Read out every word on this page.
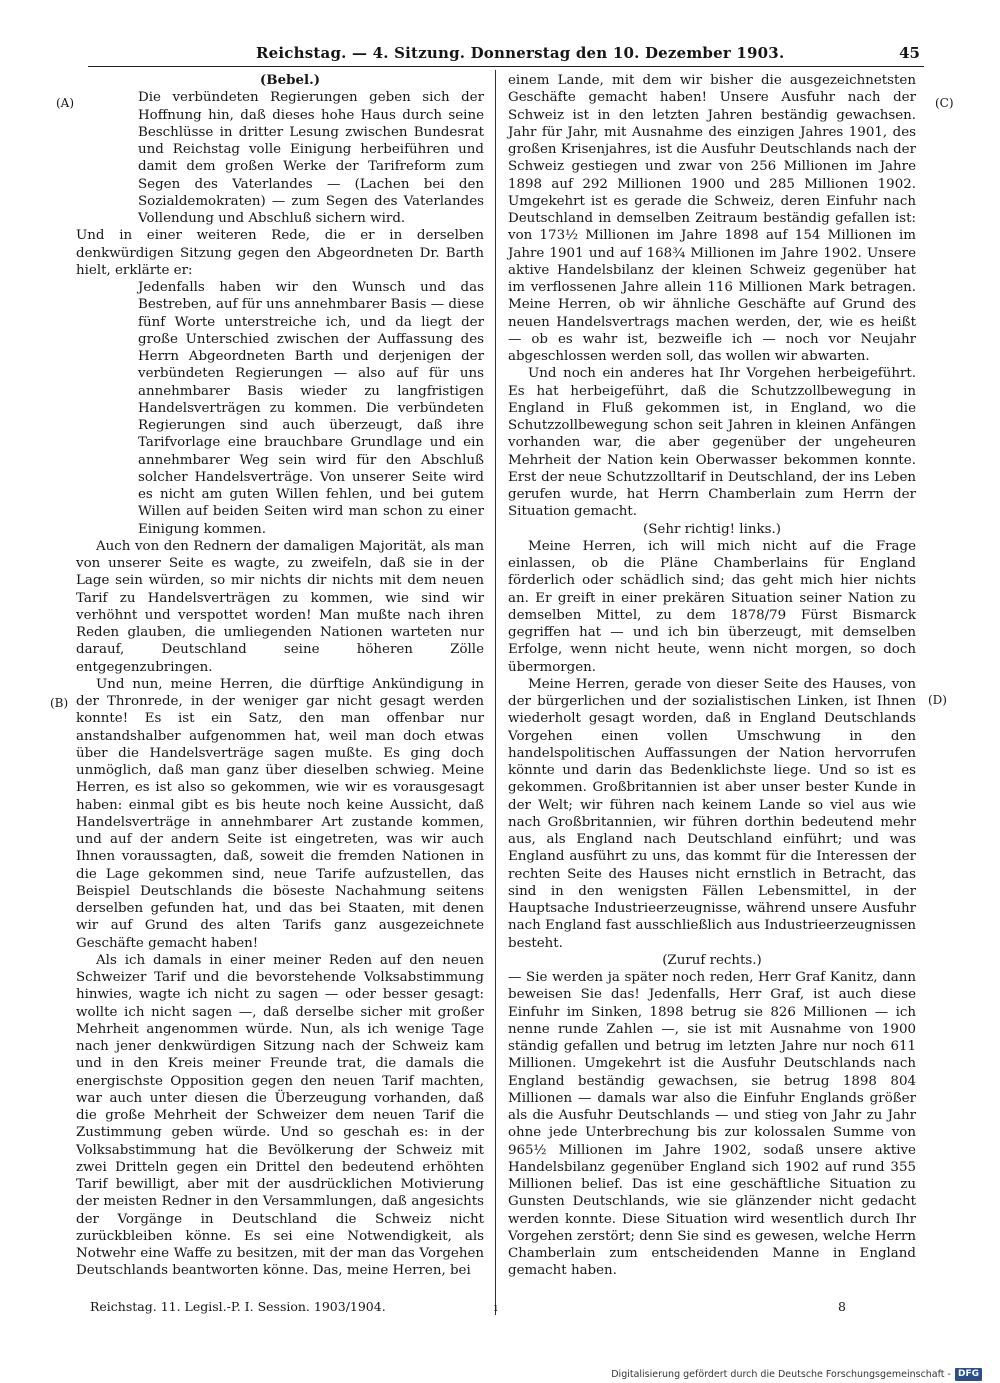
Reichstag. — 4. Sitzung. Donnerstag den 10. Dezember 1903.	45
(A)
(B)
(C)
(D)

(Bebel.)

Die verbündeten Regierungen geben sich der Hoffnung hin, daß dieses hohe Haus durch seine Beschlüsse in dritter Lesung zwischen Bundesrat und Reichstag volle Einigung herbeiführen und damit dem großen Werke der Tarifreform zum Segen des Vaterlandes — (Lachen bei den Sozialdemokraten) — zum Segen des Vaterlandes Vollendung und Abschluß sichern wird.

Und in einer weiteren Rede, die er in derselben denkwürdigen Sitzung gegen den Abgeordneten Dr. Barth hielt, erklärte er:

Jedenfalls haben wir den Wunsch und das Bestreben, auf für uns annehmbarer Basis — diese fünf Worte unterstreiche ich, und da liegt der große Unterschied zwischen der Auffassung des Herrn Abgeordneten Barth und derjenigen der verbündeten Regierungen — also auf für uns annehmbarer Basis wieder zu langfristigen Handelsverträgen zu kommen. Die verbündeten Regierungen sind auch überzeugt, daß ihre Tarifvorlage eine brauchbare Grundlage und ein annehmbarer Weg sein wird für den Abschluß solcher Handelsverträge. Von unserer Seite wird es nicht am guten Willen fehlen, und bei gutem Willen auf beiden Seiten wird man schon zu einer Einigung kommen.

Auch von den Rednern der damaligen Majorität, als man von unserer Seite es wagte, zu zweifeln, daß sie in der Lage sein würden, so mir nichts dir nichts mit dem neuen Tarif zu Handelsverträgen zu kommen, wie sind wir verhöhnt und verspottet worden! Man mußte nach ihren Reden glauben, die umliegenden Nationen warteten nur darauf, Deutschland seine höheren Zölle entgegenzubringen.

Und nun, meine Herren, die dürftige Ankündigung in der Thronrede, in der weniger gar nicht gesagt werden konnte! Es ist ein Satz, den man offenbar nur anstandshalber aufgenommen hat, weil man doch etwas über die Handelsverträge sagen mußte. Es ging doch unmöglich, daß man ganz über dieselben schwieg. Meine Herren, es ist also so gekommen, wie wir es vorausgesagt haben: einmal gibt es bis heute noch keine Aussicht, daß Handelsverträge in annehmbarer Art zustande kommen, und auf der andern Seite ist eingetreten, was wir auch Ihnen voraussagten, daß, soweit die fremden Nationen in die Lage gekommen sind, neue Tarife aufzustellen, das Beispiel Deutschlands die böseste Nachahmung seitens derselben gefunden hat, und das bei Staaten, mit denen wir auf Grund des alten Tarifs ganz ausgezeichnete Geschäfte gemacht haben!

Als ich damals in einer meiner Reden auf den neuen Schweizer Tarif und die bevorstehende Volksabstimmung hinwies, wagte ich nicht zu sagen — oder besser gesagt: wollte ich nicht sagen —, daß derselbe sicher mit großer Mehrheit angenommen würde. Nun, als ich wenige Tage nach jener denkwürdigen Sitzung nach der Schweiz kam und in den Kreis meiner Freunde trat, die damals die energischste Opposition gegen den neuen Tarif machten, war auch unter diesen die Überzeugung vorhanden, daß die große Mehrheit der Schweizer dem neuen Tarif die Zustimmung geben würde. Und so geschah es: in der Volksabstimmung hat die Bevölkerung der Schweiz mit zwei Dritteln gegen ein Drittel den bedeutend erhöhten Tarif bewilligt, aber mit der ausdrücklichen Motivierung der meisten Redner in den Versammlungen, daß angesichts der Vorgänge in Deutschland die Schweiz nicht zurückbleiben könne. Es sei eine Notwendigkeit, als Notwehr eine Waffe zu besitzen, mit der man das Vorgehen Deutschlands beantworten könne. Das, meine Herren, bei

einem Lande, mit dem wir bisher die ausgezeichnetsten Geschäfte gemacht haben! Unsere Ausfuhr nach der Schweiz ist in den letzten Jahren beständig gewachsen. Jahr für Jahr, mit Ausnahme des einzigen Jahres 1901, des großen Krisenjahres, ist die Ausfuhr Deutschlands nach der Schweiz gestiegen und zwar von 256 Millionen im Jahre 1898 auf 292 Millionen 1900 und 285 Millionen 1902. Umgekehrt ist es gerade die Schweiz, deren Einfuhr nach Deutschland in demselben Zeitraum beständig gefallen ist: von 173½ Millionen im Jahre 1898 auf 154 Millionen im Jahre 1901 und auf 168¾ Millionen im Jahre 1902. Unsere aktive Handelsbilanz der kleinen Schweiz gegenüber hat im verflossenen Jahre allein 116 Millionen Mark betragen. Meine Herren, ob wir ähnliche Geschäfte auf Grund des neuen Handelsvertrags machen werden, der, wie es heißt — ob es wahr ist, bezweifle ich — noch vor Neujahr abgeschlossen werden soll, das wollen wir abwarten.

Und noch ein anderes hat Ihr Vorgehen herbeigeführt. Es hat herbeigeführt, daß die Schutzzollbewegung in England in Fluß gekommen ist, in England, wo die Schutzzollbewegung schon seit Jahren in kleinen Anfängen vorhanden war, die aber gegenüber der ungeheuren Mehrheit der Nation kein Oberwasser bekommen konnte. Erst der neue Schutzzolltarif in Deutschland, der ins Leben gerufen wurde, hat Herrn Chamberlain zum Herrn der Situation gemacht.

(Sehr richtig! links.)

Meine Herren, ich will mich nicht auf die Frage einlassen, ob die Pläne Chamberlains für England förderlich oder schädlich sind; das geht mich hier nichts an. Er greift in einer prekären Situation seiner Nation zu demselben Mittel, zu dem 1878/79 Fürst Bismarck gegriffen hat — und ich bin überzeugt, mit demselben Erfolge, wenn nicht heute, wenn nicht morgen, so doch übermorgen.

Meine Herren, gerade von dieser Seite des Hauses, von der bürgerlichen und der sozialistischen Linken, ist Ihnen wiederholt gesagt worden, daß in England Deutschlands Vorgehen einen vollen Umschwung in den handelspolitischen Auffassungen der Nation hervorrufen könnte und darin das Bedenklichste liege. Und so ist es gekommen. Großbritannien ist aber unser bester Kunde in der Welt; wir führen nach keinem Lande so viel aus wie nach Großbritannien, wir führen dorthin bedeutend mehr aus, als England nach Deutschland einführt; und was England ausführt zu uns, das kommt für die Interessen der rechten Seite des Hauses nicht ernstlich in Betracht, das sind in den wenigsten Fällen Lebensmittel, in der Hauptsache Industrieerzeugnisse, während unsere Ausfuhr nach England fast ausschließlich aus Industrieerzeugnissen besteht.

(Zuruf rechts.)

— Sie werden ja später noch reden, Herr Graf Kanitz, dann beweisen Sie das! Jedenfalls, Herr Graf, ist auch diese Einfuhr im Sinken, 1898 betrug sie 826 Millionen — ich nenne runde Zahlen —, sie ist mit Ausnahme von 1900 ständig gefallen und betrug im letzten Jahre nur noch 611 Millionen. Umgekehrt ist die Ausfuhr Deutschlands nach England beständig gewachsen, sie betrug 1898 804 Millionen — damals war also die Einfuhr Englands größer als die Ausfuhr Deutschlands — und stieg von Jahr zu Jahr ohne jede Unterbrechung bis zur kolossalen Summe von 965½ Millionen im Jahre 1902, sodaß unsere aktive Handelsbilanz gegenüber England sich 1902 auf rund 355 Millionen belief. Das ist eine geschäftliche Situation zu Gunsten Deutschlands, wie sie glänzender nicht gedacht werden konnte. Diese Situation wird wesentlich durch Ihr Vorgehen zerstört; denn Sie sind es gewesen, welche Herrn Chamberlain zum entscheidenden Manne in England gemacht haben.

Reichstag. 11. Legisl.-P. I. Session. 1903/1904.	ı	8
Digitalisierung gefördert durch die Deutsche Forschungsgemeinschaft - DFG
